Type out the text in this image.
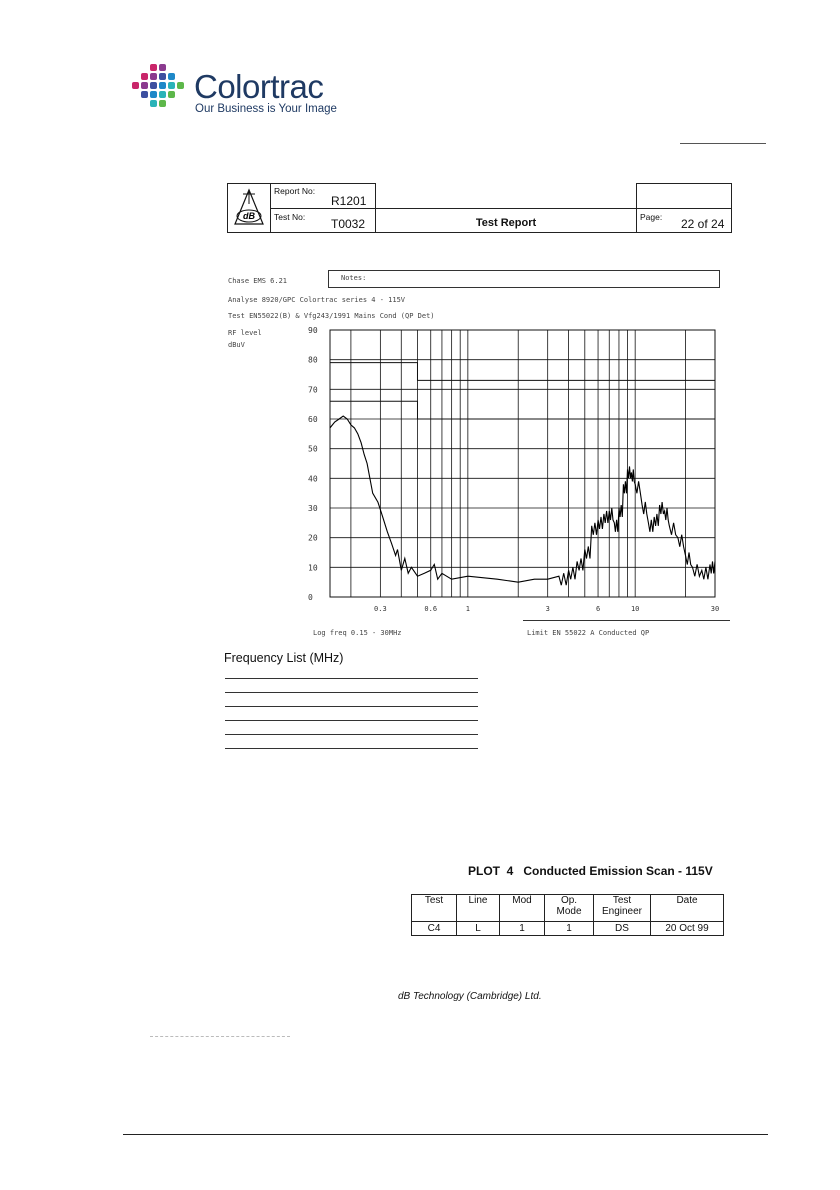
Colortrac
Our Business is Your Image
dB
Report No:
R1201
Test No: T0032	$_{Test Report}$	Page: 22 of 24
Chase EMS 6.21	Notes:
Analyse 8920/GPC Colortrac series 4 - 115V
Test EN55022(B) & Vfg243/1991 Mains Cond (QP Det)
RF level
dBuV
0
10
20
30
40
50
60
70
80
90
0.3	0.6	1	3	6	10	30
Log freq 0.15 - 30MHz	Limit EN 55022 A Conducted QP
Frequency List (MHz)

PLOT  4   Conducted Emission Scan - 115V
Test	Line	Mod	Op. Mode	Test Engineer	Date
C4	L	1	1	DS	20 Oct 99
dB Technology (Cambridge) Ltd.
